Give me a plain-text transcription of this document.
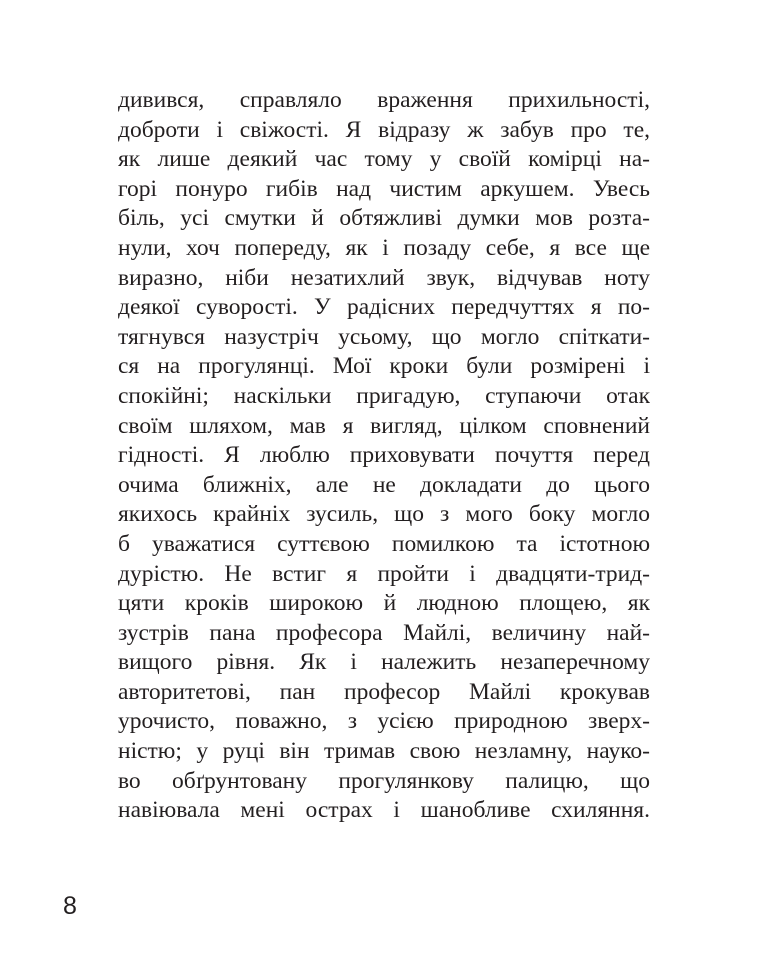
дивився, справляло враження прихильності,
доброти і свіжості. Я відразу ж забув про те,
як лише деякий час тому у своїй комірці на-
горі понуро гибів над чистим аркушем. Увесь
біль, усі смутки й обтяжливі думки мов розта-
нули, хоч попереду, як і позаду себе, я все ще
виразно, ніби незатихлий звук, відчував ноту
деякої суворості. У радісних передчуттях я по-
тягнувся назустріч усьому, що могло спіткати-
ся на прогулянці. Мої кроки були розмірені і
спокійні; наскільки пригадую, ступаючи отак
своїм шляхом, мав я вигляд, цілком сповнений
гідності. Я люблю приховувати почуття перед
очима ближніх, але не докладати до цього
якихось крайніх зусиль, що з мого боку могло
б уважатися суттєвою помилкою та істотною
дурістю. Не встиг я пройти і двадцяти-трид-
цяти кроків широкою й людною площею, як
зустрів пана професора Майлі, величину най-
вищого рівня. Як і належить незаперечному
авторитетові, пан професор Майлі крокував
урочисто, поважно, з усією природною зверх-
ністю; у руці він тримав свою незламну, науко-
во обґрунтовану прогулянкову палицю, що
навіювала мені острах і шанобливе схиляння.
8
